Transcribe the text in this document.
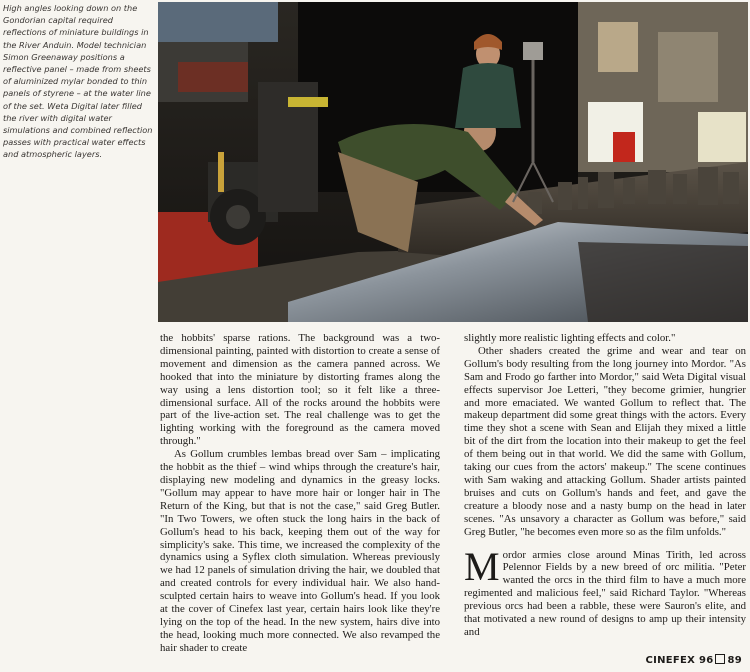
High angles looking down on the Gondorian capital required reflections of miniature buildings in the River Anduin. Model technician Simon Greenaway positions a reflective panel – made from sheets of aluminized mylar bonded to thin panels of styrene – at the water line of the set. Weta Digital later filled the river with digital water simulations and combined reflection passes with practical water effects and atmospheric layers.

the hobbits' sparse rations. The background was a two-dimensional painting, painted with distortion to create a sense of movement and dimension as the camera panned across. We hooked that into the miniature by distorting frames along the way using a lens distortion tool; so it felt like a three-dimensional surface. All of the rocks around the hobbits were part of the live-action set. The real challenge was to get the lighting working with the foreground as the camera moved through."

As Gollum crumbles lembas bread over Sam – implicating the hobbit as the thief – wind whips through the creature's hair, displaying new modeling and dynamics in the greasy locks. "Gollum may appear to have more hair or longer hair in The Return of the King, but that is not the case," said Greg Butler. "In Two Towers, we often stuck the long hairs in the back of Gollum's head to his back, keeping them out of the way for simplicity's sake. This time, we increased the complexity of the dynamics using a Syflex cloth simulation. Whereas previously we had 12 panels of simulation driving the hair, we doubled that and created controls for every individual hair. We also hand-sculpted certain hairs to weave into Gollum's head. If you look at the cover of Cinefex last year, certain hairs look like they're lying on the top of the head. In the new system, hairs dive into the head, looking much more connected. We also revamped the hair shader to create

slightly more realistic lighting effects and color."

Other shaders created the grime and wear and tear on Gollum's body resulting from the long journey into Mordor. "As Sam and Frodo go farther into Mordor," said Weta Digital visual effects supervisor Joe Letteri, "they become grimier, hungrier and more emaciated. We wanted Gollum to reflect that. The makeup department did some great things with the actors. Every time they shot a scene with Sean and Elijah they mixed a little bit of the dirt from the location into their makeup to get the feel of them being out in that world. We did the same with Gollum, taking our cues from the actors' makeup." The scene continues with Sam waking and attacking Gollum. Shader artists painted bruises and cuts on Gollum's hands and feet, and gave the creature a bloody nose and a nasty bump on the head in later scenes. "As unsavory a character as Gollum was before," said Greg Butler, "he becomes even more so as the film unfolds."

Mordor armies close around Minas Tirith, led across Pelennor Fields by a new breed of orc militia. "Peter wanted the orcs in the third film to have a much more regimented and malicious feel," said Richard Taylor. "Whereas previous orcs had been a rabble, these were Sauron's elite, and that motivated a new round of designs to amp up their intensity and

CINEFEX 96 89
